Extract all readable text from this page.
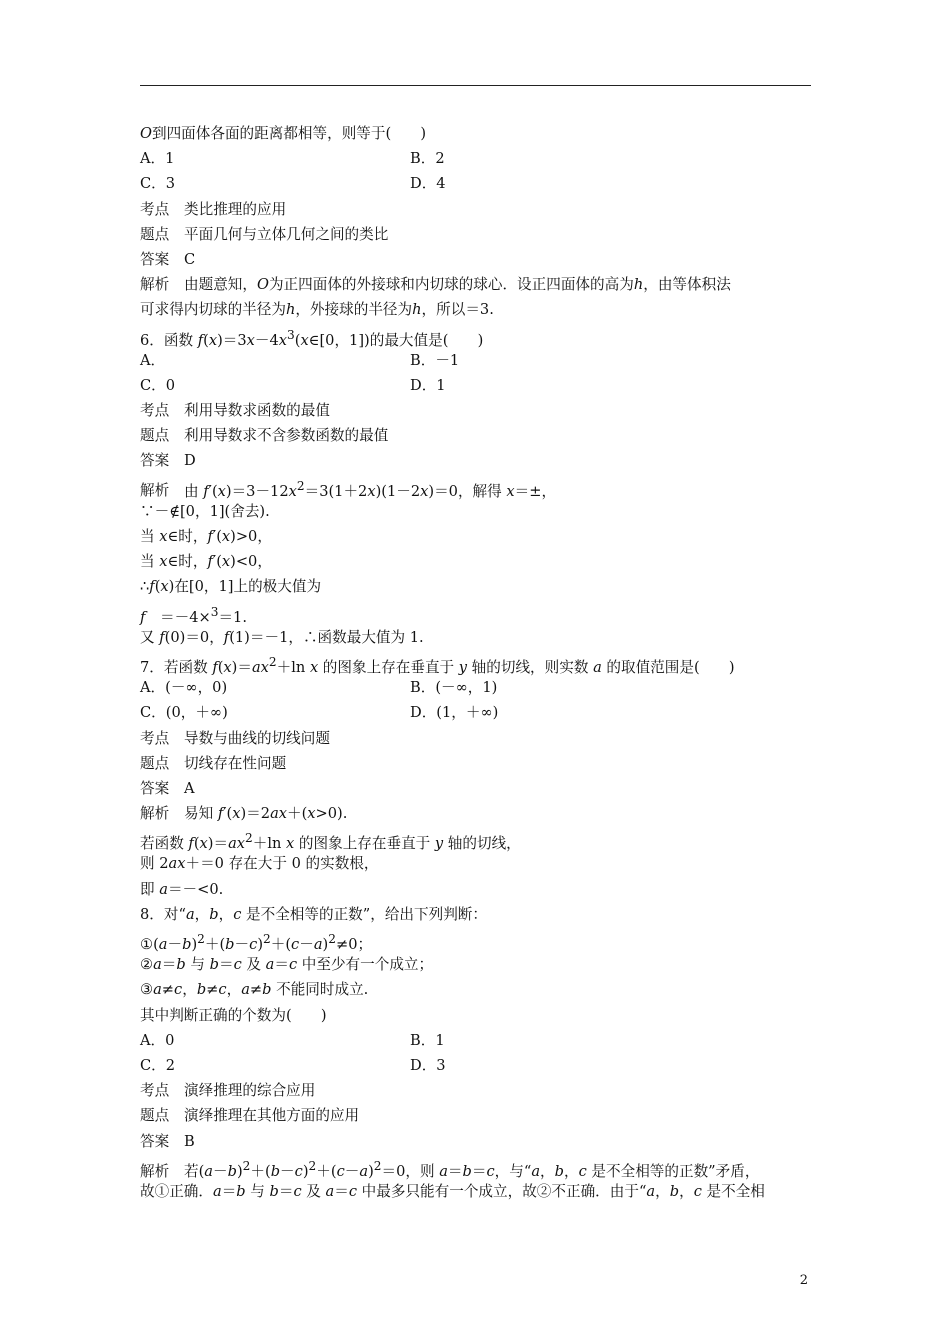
O到四面体各面的距离都相等，则等于(　　)
A．1	B．2
C．3	D．4
考点 类比推理的应用
题点 平面几何与立体几何之间的类比
答案 C
解析 由题意知，O为正四面体的外接球和内切球的球心．设正四面体的高为h，由等体积法
可求得内切球的半径为h，外接球的半径为h，所以＝3.
6．函数 $f(x)=3x-4x^3(x\in[0$，1])的最大值是(　　)
A．	B．－1
C．0	D．1
考点 利用导数求函数的最值
题点 利用导数求不含参数函数的最值
答案 D
解析 由 $f'(x)=3-12x^2=3(1+2x)(1-2x)=0$，解得 x＝±，
∵－∉[0，1](舍去).
当 x∈时，f′(x)>0，
当 x∈时，f′(x)<0，
∴f(x)在[0，1]上的极大值为
f　＝－4×$^3$＝1.
又 f(0)＝0，f(1)＝－1，∴函数最大值为 1.
7．若函数 $f(x)=ax^2+\ln$ x 的图象上存在垂直于 y 轴的切线，则实数 a 的取值范围是(　　)
A．(－∞，0)	B．(－∞，1)
C．(0，＋∞)	D．(1，＋∞)
考点 导数与曲线的切线问题
题点 切线存在性问题
答案 A
解析 易知 f′(x)＝2ax＋(x>0).
若函数 $f(x)=ax^2+\ln$ x 的图象上存在垂直于 y 轴的切线，
则 2ax＋＝0 存在大于 0 的实数根，
即 a＝－<0.
8．对“a，b，c 是不全相等的正数”，给出下列判断：
$①(a-b)^2+(b-c)^2+(c-a)^2\ne 0$；
②a＝b 与 b＝c 及 a＝c 中至少有一个成立；
③a≠c，b≠c，a≠b 不能同时成立.
其中判断正确的个数为(　　)
A．0	B．1
C．2	D．3
考点 演绎推理的综合应用
题点 演绎推理在其他方面的应用
答案 B
解析 若$(a-b)^2+(b-c)^2+(c-a)^2=0$，则 a＝b＝c，与“a，b，c 是不全相等的正数”矛盾，
故①正确．a＝b 与 b＝c 及 a＝c 中最多只能有一个成立，故②不正确．由于“a，b，c 是不全相
2
